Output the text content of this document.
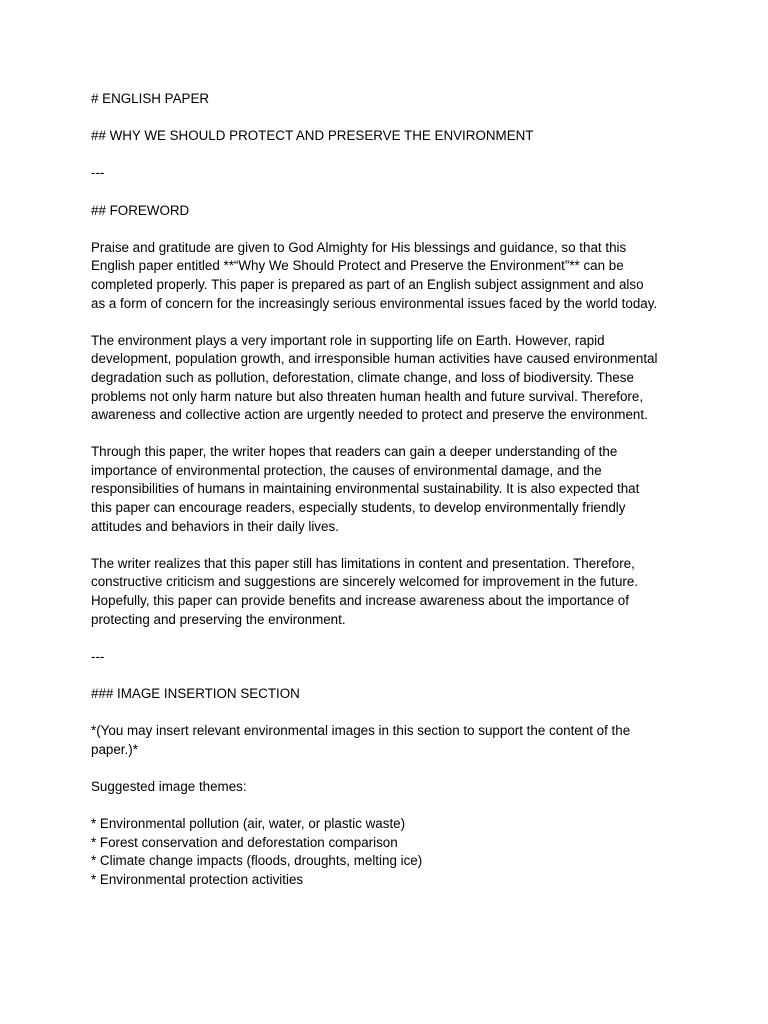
# ENGLISH PAPER

## WHY WE SHOULD PROTECT AND PRESERVE THE ENVIRONMENT

---

## FOREWORD

Praise and gratitude are given to God Almighty for His blessings and guidance, so that this
English paper entitled **“Why We Should Protect and Preserve the Environment”** can be
completed properly. This paper is prepared as part of an English subject assignment and also
as a form of concern for the increasingly serious environmental issues faced by the world today.

The environment plays a very important role in supporting life on Earth. However, rapid
development, population growth, and irresponsible human activities have caused environmental
degradation such as pollution, deforestation, climate change, and loss of biodiversity. These
problems not only harm nature but also threaten human health and future survival. Therefore,
awareness and collective action are urgently needed to protect and preserve the environment.

Through this paper, the writer hopes that readers can gain a deeper understanding of the
importance of environmental protection, the causes of environmental damage, and the
responsibilities of humans in maintaining environmental sustainability. It is also expected that
this paper can encourage readers, especially students, to develop environmentally friendly
attitudes and behaviors in their daily lives.

The writer realizes that this paper still has limitations in content and presentation. Therefore,
constructive criticism and suggestions are sincerely welcomed for improvement in the future.
Hopefully, this paper can provide benefits and increase awareness about the importance of
protecting and preserving the environment.

---

### IMAGE INSERTION SECTION

*(You may insert relevant environmental images in this section to support the content of the
paper.)*

Suggested image themes:

* Environmental pollution (air, water, or plastic waste)
* Forest conservation and deforestation comparison
* Climate change impacts (floods, droughts, melting ice)
* Environmental protection activities
